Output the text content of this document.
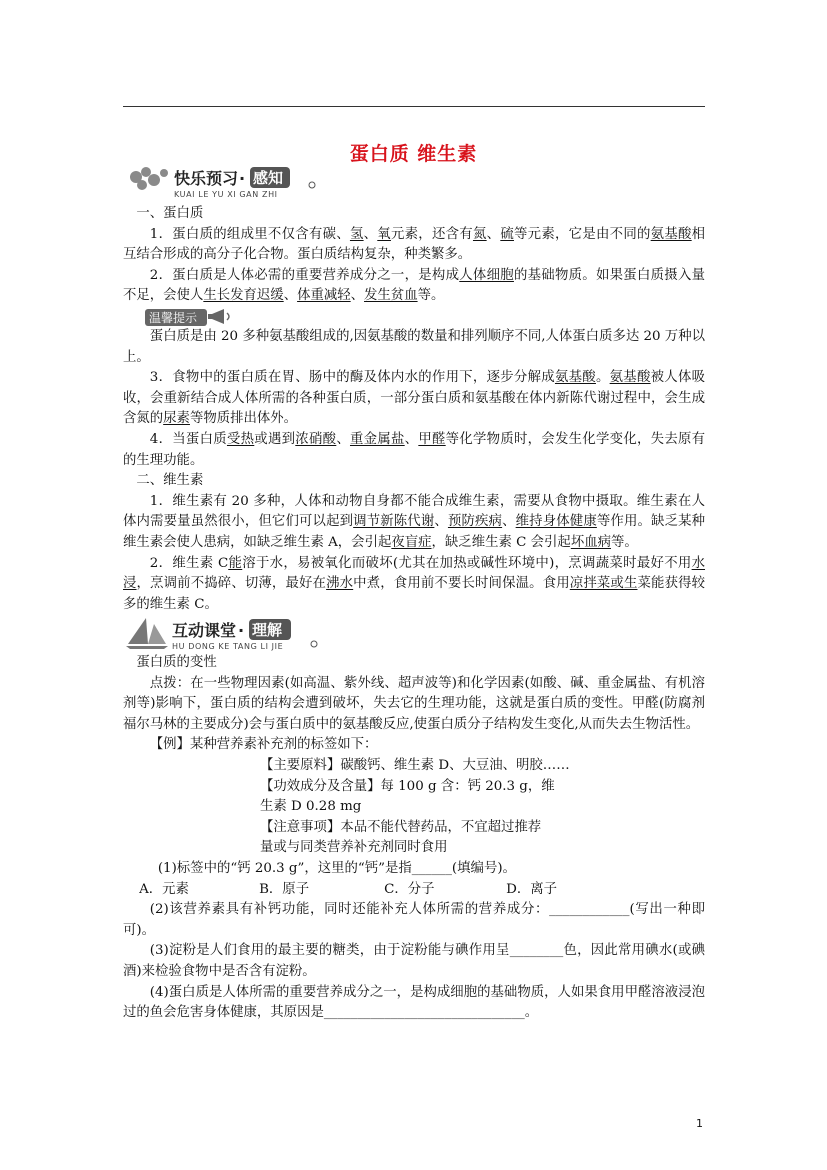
蛋白质 维生素
快乐预习 · 感知
KUAI LE YU XI GAN ZHI

一、蛋白质

1．蛋白质的组成里不仅含有碳、氢、氧元素，还含有氮、硫等元素，它是由不同的氨基酸相互结合形成的高分子化合物。蛋白质结构复杂，种类繁多。

2．蛋白质是人体必需的重要营养成分之一，是构成人体细胞的基础物质。如果蛋白质摄入量不足，会使人生长发育迟缓、体重减轻、发生贫血等。

温馨提示

蛋白质是由 20 多种氨基酸组成的,因氨基酸的数量和排列顺序不同,人体蛋白质多达 20 万种以上。

3．食物中的蛋白质在胃、肠中的酶及体内水的作用下，逐步分解成氨基酸。氨基酸被人体吸收，会重新结合成人体所需的各种蛋白质，一部分蛋白质和氨基酸在体内新陈代谢过程中，会生成含氮的尿素等物质排出体外。

4．当蛋白质受热或遇到浓硝酸、重金属盐、甲醛等化学物质时，会发生化学变化，失去原有的生理功能。

二、维生素

1．维生素有 20 多种，人体和动物自身都不能合成维生素，需要从食物中摄取。维生素在人体内需要量虽然很小，但它们可以起到调节新陈代谢、预防疾病、维持身体健康等作用。缺乏某种维生素会使人患病，如缺乏维生素 A，会引起夜盲症，缺乏维生素 C 会引起坏血病等。

2．维生素 C能溶于水，易被氧化而破坏(尤其在加热或碱性环境中)，烹调蔬菜时最好不用水浸，烹调前不捣碎、切薄，最好在沸水中煮，食用前不要长时间保温。食用凉拌菜或生菜能获得较多的维生素 C。

互动课堂 · 理解
HU DONG KE TANG LI JIE

蛋白质的变性

点拨：在一些物理因素(如高温、紫外线、超声波等)和化学因素(如酸、碱、重金属盐、有机溶剂等)影响下，蛋白质的结构会遭到破坏，失去它的生理功能，这就是蛋白质的变性。甲醛(防腐剂福尔马林的主要成分)会与蛋白质中的氨基酸反应,使蛋白质分子结构发生变化,从而失去生物活性。

【例】某种营养素补充剂的标签如下：

【主要原料】碳酸钙、维生素 D、大豆油、明胶……

【功效成分及含量】每 100 g 含：钙 20.3 g，维

生素 D 0.28 mg

【注意事项】本品不能代替药品，不宜超过推荐

量或与同类营养补充剂同时食用

(1)标签中的“钙 20.3 g”，这里的“钙”是指______(填编号)。

A．元素	B．原子	C．分子	D．离子

(2)该营养素具有补钙功能，同时还能补充人体所需的营养成分：____________(写出一种即可)。

(3)淀粉是人们食用的最主要的糖类，由于淀粉能与碘作用呈________色，因此常用碘水(或碘酒)来检验食物中是否含有淀粉。

(4)蛋白质是人体所需的重要营养成分之一，是构成细胞的基础物质，人如果食用甲醛溶液浸泡过的鱼会危害身体健康，其原因是______________________________。

1
